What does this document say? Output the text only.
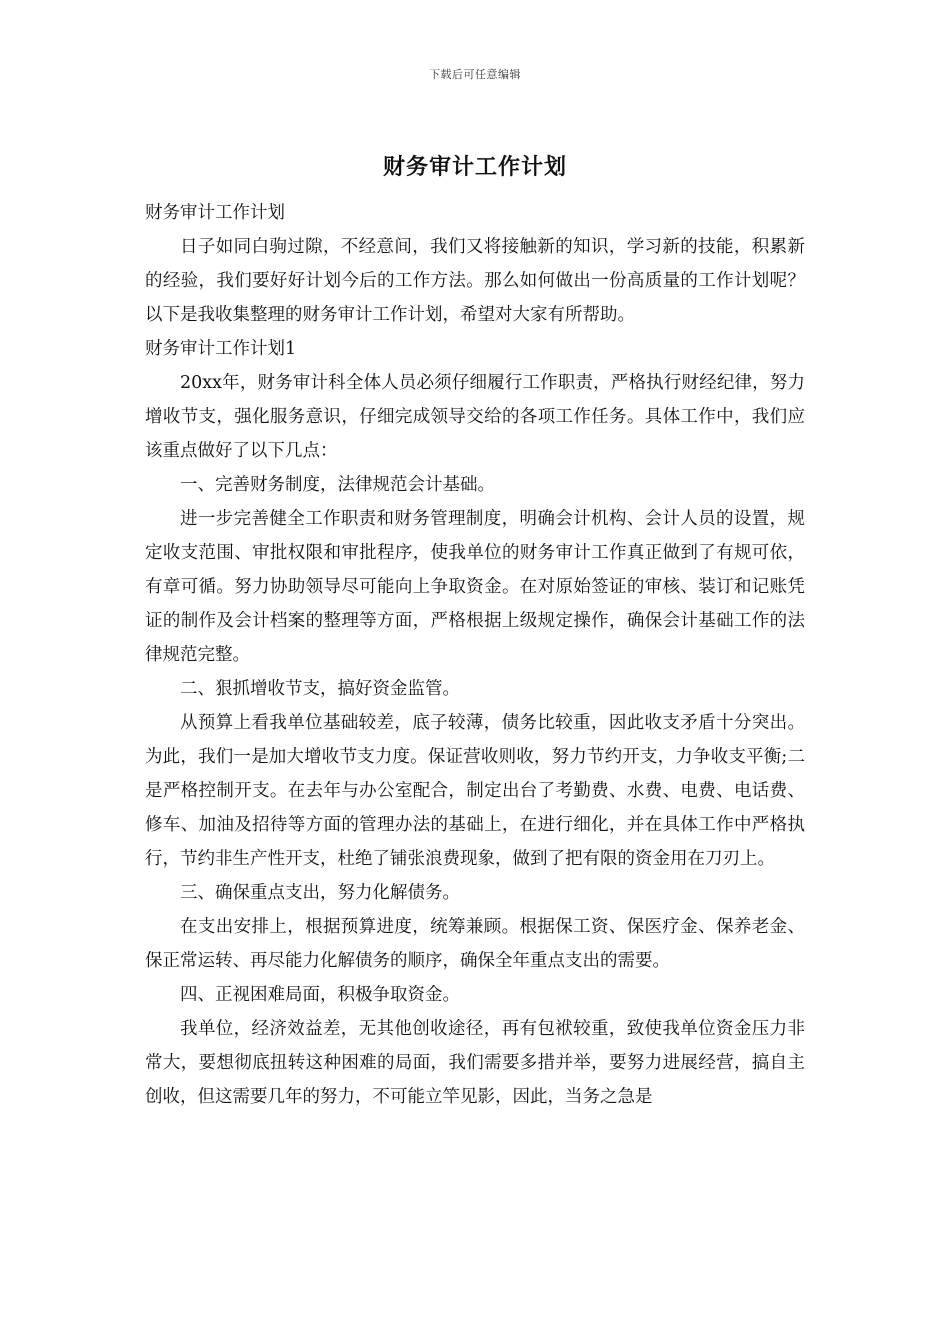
下载后可任意编辑
财务审计工作计划

财务审计工作计划

日子如同白驹过隙，不经意间，我们又将接触新的知识，学习新的技能，积累新的经验，我们要好好计划今后的工作方法。那么如何做出一份高质量的工作计划呢？以下是我收集整理的财务审计工作计划，希望对大家有所帮助。

财务审计工作计划1

20xx年，财务审计科全体人员必须仔细履行工作职责，严格执行财经纪律，努力增收节支，强化服务意识，仔细完成领导交给的各项工作任务。具体工作中，我们应该重点做好了以下几点：

一、完善财务制度，法律规范会计基础。

进一步完善健全工作职责和财务管理制度，明确会计机构、会计人员的设置，规定收支范围、审批权限和审批程序，使我单位的财务审计工作真正做到了有规可依，有章可循。努力协助领导尽可能向上争取资金。在对原始签证的审核、装订和记账凭证的制作及会计档案的整理等方面，严格根据上级规定操作，确保会计基础工作的法律规范完整。

二、狠抓增收节支，搞好资金监管。

从预算上看我单位基础较差，底子较薄，债务比较重，因此收支矛盾十分突出。为此，我们一是加大增收节支力度。保证营收则收，努力节约开支，力争收支平衡;二是严格控制开支。在去年与办公室配合，制定出台了考勤费、水费、电费、电话费、修车、加油及招待等方面的管理办法的基础上，在进行细化，并在具体工作中严格执行，节约非生产性开支，杜绝了铺张浪费现象，做到了把有限的资金用在刀刃上。

三、确保重点支出，努力化解债务。

在支出安排上，根据预算进度，统筹兼顾。根据保工资、保医疗金、保养老金、保正常运转、再尽能力化解债务的顺序，确保全年重点支出的需要。

四、正视困难局面，积极争取资金。

我单位，经济效益差，无其他创收途径，再有包袱较重，致使我单位资金压力非常大，要想彻底扭转这种困难的局面，我们需要多措并举，要努力进展经营，搞自主创收，但这需要几年的努力，不可能立竿见影，因此，当务之急是
